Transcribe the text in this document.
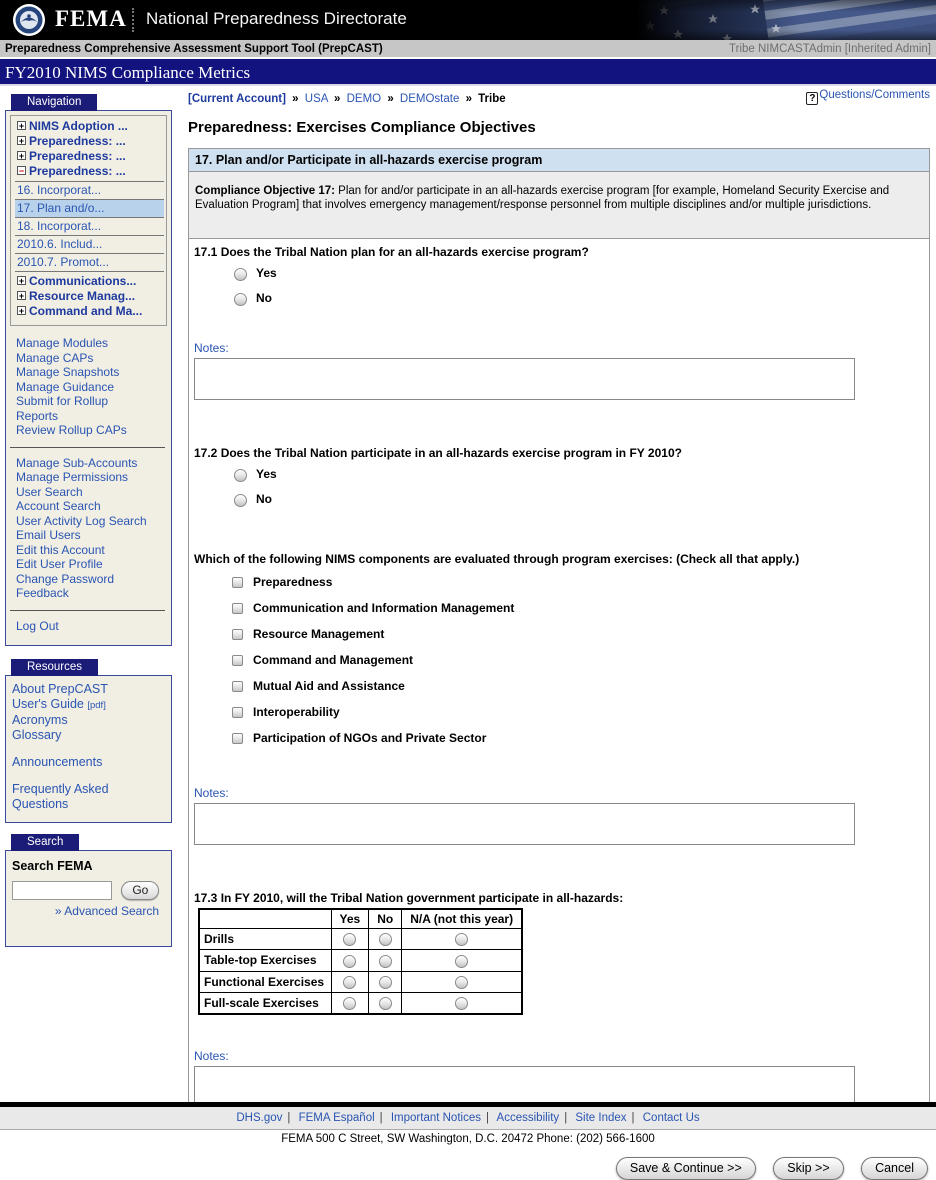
FEMA National Preparedness Directorate
Preparedness Comprehensive Assessment Support Tool (PrepCAST)	Tribe NIMCASTAdmin [Inherited Admin]
FY2010 NIMS Compliance Metrics
Navigation
+ NIMS Adoption ...
+ Preparedness: ...
+ Preparedness: ...
− Preparedness: ...
16. Incorporat...
17. Plan and/o...
18. Incorporat...
2010.6. Includ...
2010.7. Promot...
+ Communications...
+ Resource Manag...
+ Command and Ma...
Manage Modules
Manage CAPs
Manage Snapshots
Manage Guidance
Submit for Rollup
Reports
Review Rollup CAPs
Manage Sub-Accounts
Manage Permissions
User Search
Account Search
User Activity Log Search
Email Users
Edit this Account
Edit User Profile
Change Password
Feedback
Log Out
Resources
About PrepCAST
User's Guide [pdf]
Acronyms
Glossary
Announcements
Frequently Asked Questions
Search
Search FEMA
Go
» Advanced Search
[Current Account] » USA » DEMO » DEMOstate » Tribe	? Questions/Comments
Preparedness: Exercises Compliance Objectives
17. Plan and/or Participate in all-hazards exercise program
Compliance Objective 17: Plan for and/or participate in an all-hazards exercise program [for example, Homeland Security Exercise and Evaluation Program] that involves emergency management/response personnel from multiple disciplines and/or multiple jurisdictions.
17.1 Does the Tribal Nation plan for an all-hazards exercise program?
Yes
No
Notes:
17.2 Does the Tribal Nation participate in an all-hazards exercise program in FY 2010?
Yes
No
Which of the following NIMS components are evaluated through program exercises: (Check all that apply.)
Preparedness
Communication and Information Management
Resource Management
Command and Management
Mutual Aid and Assistance
Interoperability
Participation of NGOs and Private Sector
Notes:
17.3 In FY 2010, will the Tribal Nation government participate in all-hazards:
	Yes	No	N/A (not this year)
Drills			
Table-top Exercises			
Functional Exercises			
Full-scale Exercises			
Notes:
Save & Continue >>	Skip >>	Cancel
DHS.gov | FEMA Español | Important Notices | Accessibility | Site Index | Contact Us
FEMA 500 C Street, SW Washington, D.C. 20472 Phone: (202) 566-1600
